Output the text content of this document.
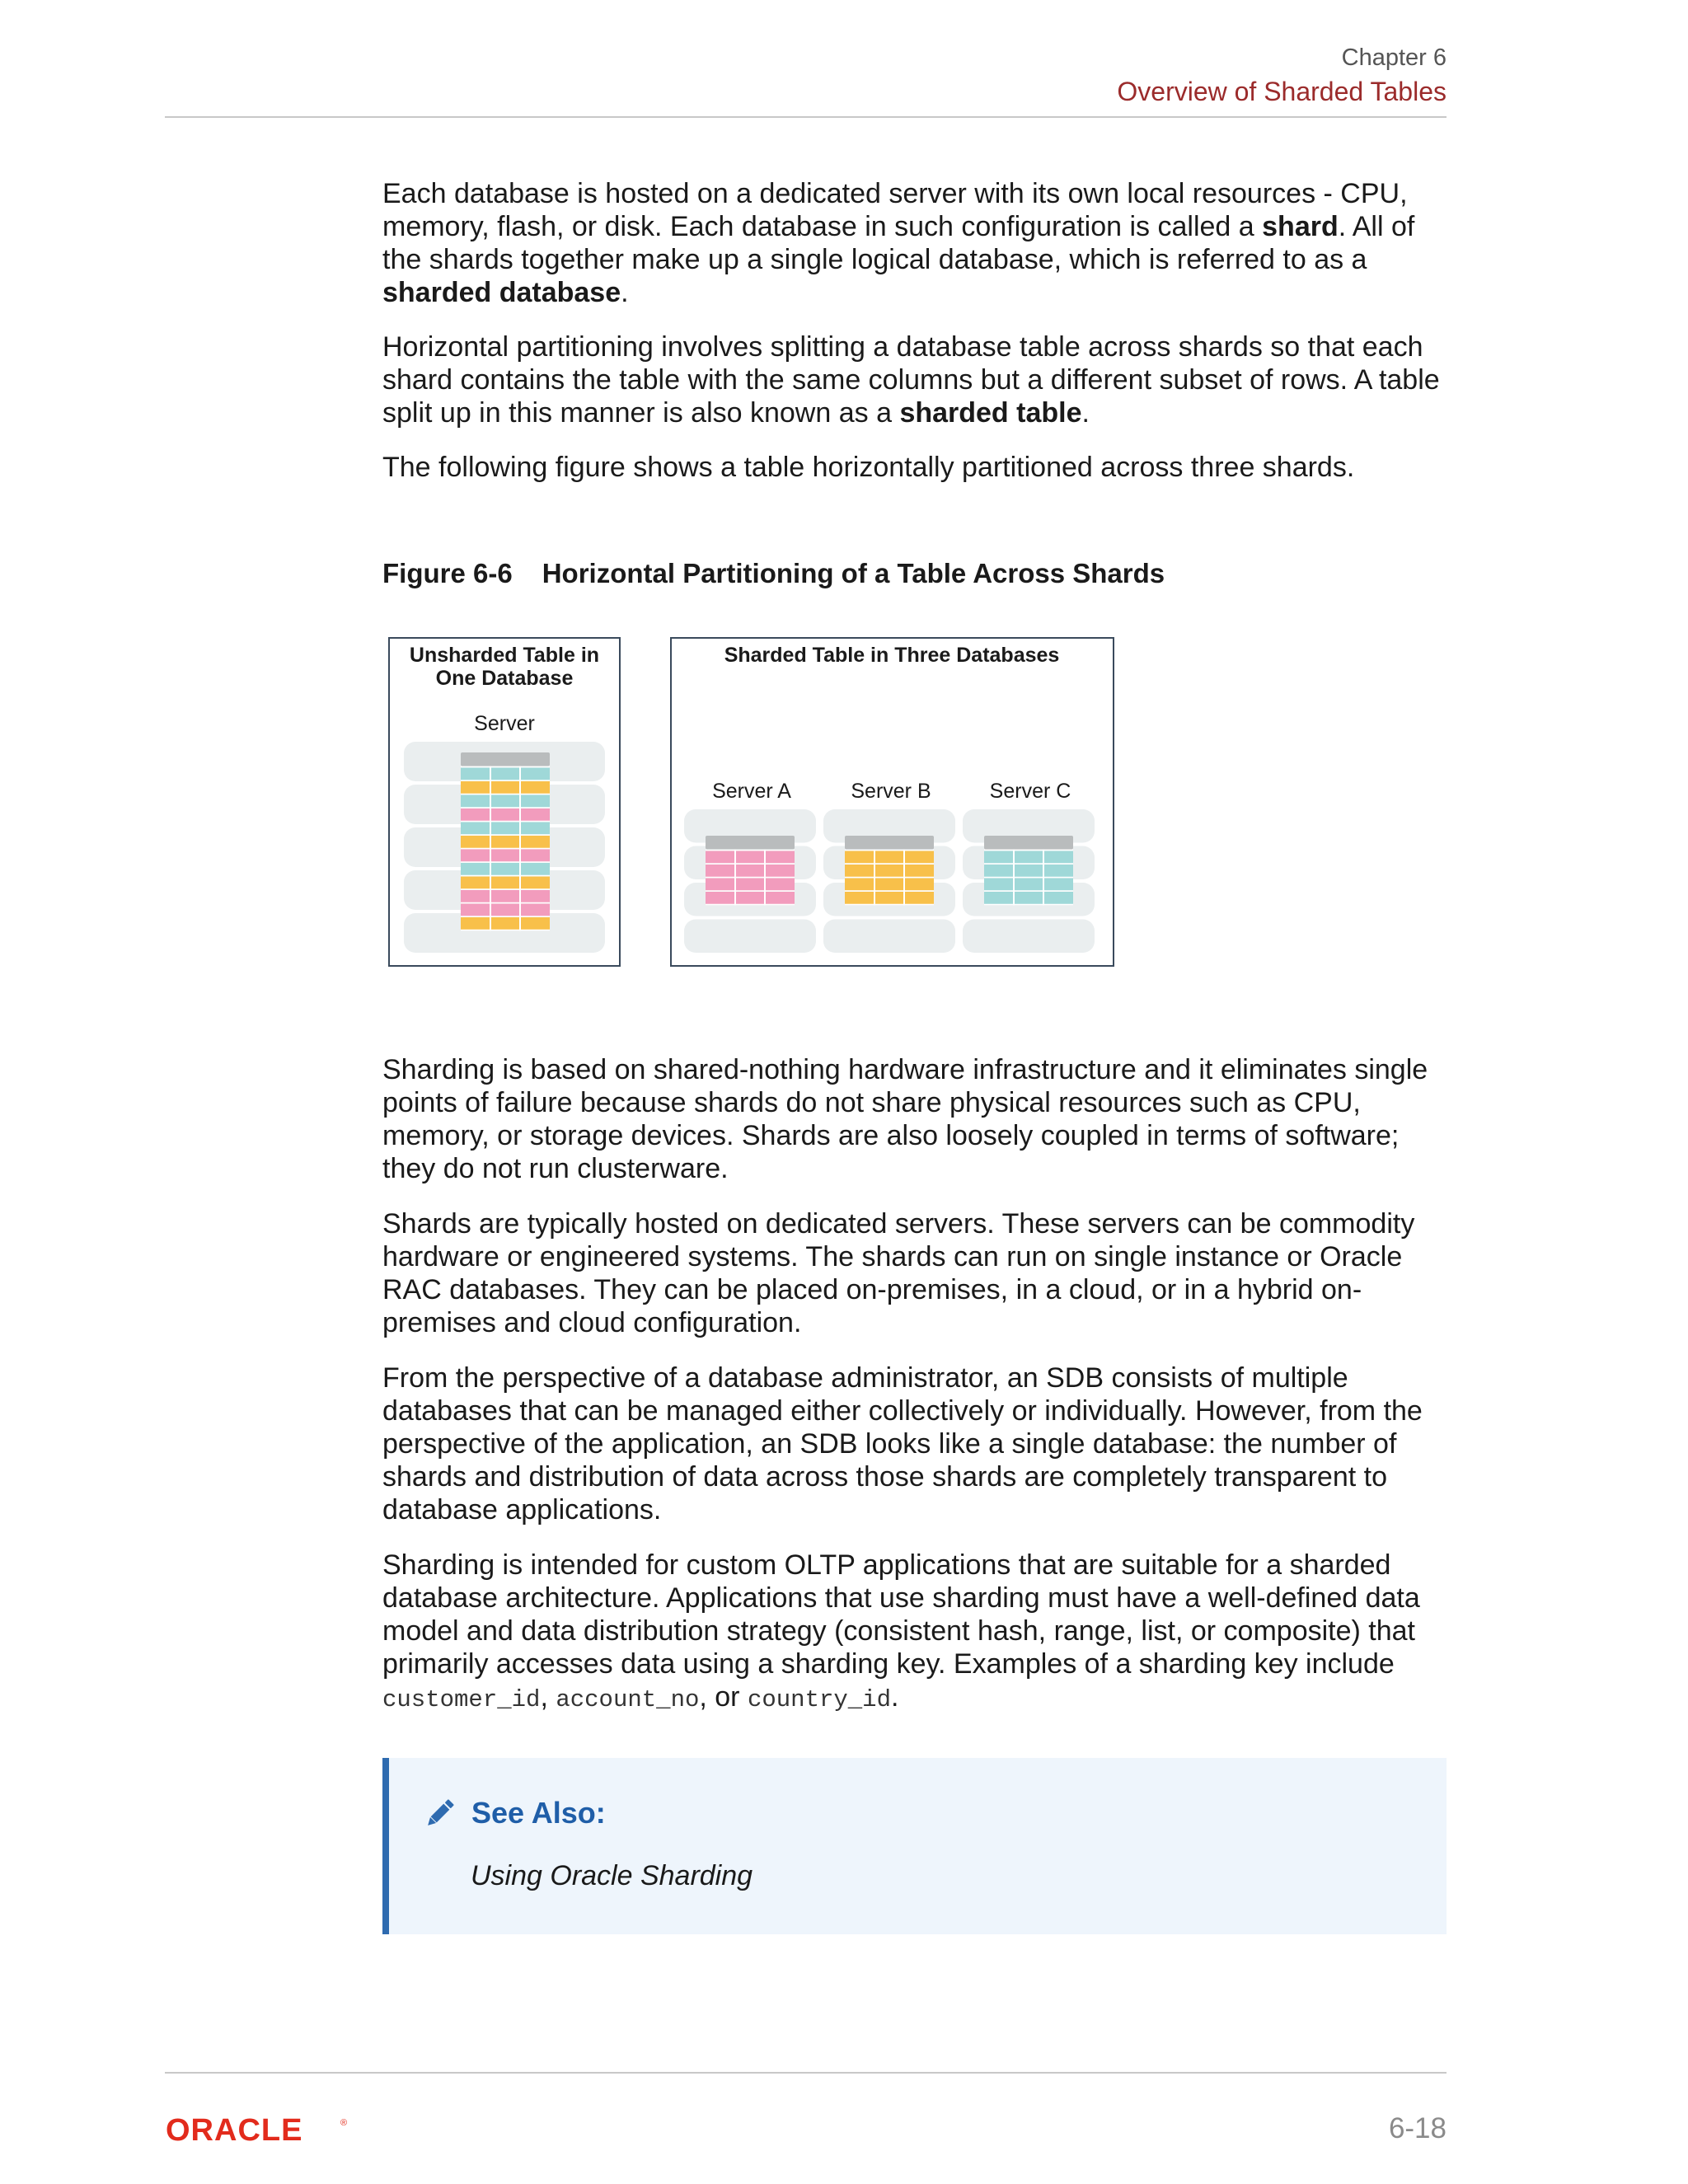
Chapter 6
Overview of Sharded Tables

Each database is hosted on a dedicated server with its own local resources - CPU, memory, flash, or disk. Each database in such configuration is called a shard. All of the shards together make up a single logical database, which is referred to as a sharded database.

Horizontal partitioning involves splitting a database table across shards so that each shard contains the table with the same columns but a different subset of rows. A table split up in this manner is also known as a sharded table.

The following figure shows a table horizontally partitioned across three shards.

Figure 6-6 Horizontal Partitioning of a Table Across Shards
Unsharded Table in
One Database
Server
Sharded Table in Three Databases
Server A	Server B	Server C

Sharding is based on shared-nothing hardware infrastructure and it eliminates single points of failure because shards do not share physical resources such as CPU, memory, or storage devices. Shards are also loosely coupled in terms of software; they do not run clusterware.

Shards are typically hosted on dedicated servers. These servers can be commodity hardware or engineered systems. The shards can run on single instance or Oracle RAC databases. They can be placed on-premises, in a cloud, or in a hybrid on-premises and cloud configuration.

From the perspective of a database administrator, an SDB consists of multiple databases that can be managed either collectively or individually. However, from the perspective of the application, an SDB looks like a single database: the number of shards and distribution of data across those shards are completely transparent to database applications.

Sharding is intended for custom OLTP applications that are suitable for a sharded database architecture. Applications that use sharding must have a well-defined data model and data distribution strategy (consistent hash, range, list, or composite) that primarily accesses data using a sharding key. Examples of a sharding key include customer_id, account_no, or country_id.

See Also:
Using Oracle Sharding
ORACLE	®	6-18
